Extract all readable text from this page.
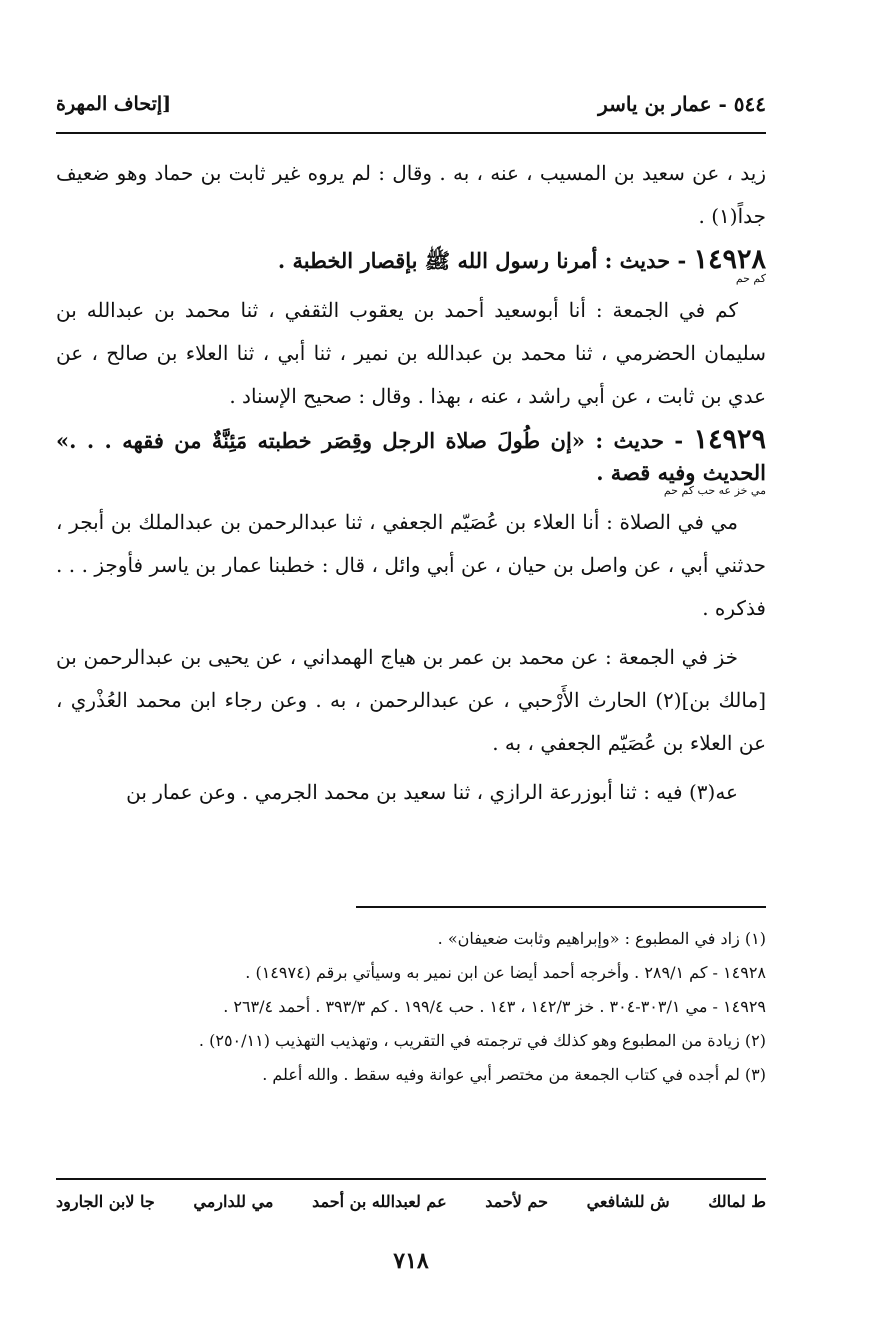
٥٤٤ - عمار بن ياسر
[إتحاف المهرة

زيد ، عن سعيد بن المسيب ، عنه ، به . وقال : لم يروه غير ثابت بن حماد وهو ضعيف جداً(١) .

١٤٩٢٨ - حديث : أمرنا رسول الله ﷺ بإقصار الخطبة .
كم حم

كم في الجمعة : أنا أبوسعيد أحمد بن يعقوب الثقفي ، ثنا محمد بن عبدالله بن سليمان الحضرمي ، ثنا محمد بن عبدالله بن نمير ، ثنا أبي ، ثنا العلاء بن صالح ، عن عدي بن ثابت ، عن أبي راشد ، عنه ، بهذا . وقال : صحيح الإسناد .

١٤٩٢٩ - حديث : «إن طُولَ صلاة الرجل وقِصَر خطبته مَئِنَّةٌ من فقهه . . .» الحديث وفيه قصة .
مي خز عه حب كم حم

مي في الصلاة : أنا العلاء بن عُصَيّم الجعفي ، ثنا عبدالرحمن بن عبدالملك بن أبجر ، حدثني أبي ، عن واصل بن حيان ، عن أبي وائل ، قال : خطبنا عمار بن ياسر فأوجز . . . فذكره .

خز في الجمعة : عن محمد بن عمر بن هياج الهمداني ، عن يحيى بن عبدالرحمن بن [مالك بن](٢) الحارث الأَرْحبي ، عن عبدالرحمن ، به . وعن رجاء ابن محمد العُذْري ، عن العلاء بن عُصَيّم الجعفي ، به .

عه(٣) فيه : ثنا أبوزرعة الرازي ، ثنا سعيد بن محمد الجرمي . وعن عمار بن

(١) زاد في المطبوع : «وإبراهيم وثابت ضعيفان» .

١٤٩٢٨ - كم ٢٨٩/١ . وأخرجه أحمد أيضا عن ابن نمير به وسيأتي برقم (١٤٩٧٤) .

١٤٩٢٩ - مي ٣٠٣/١-٣٠٤ . خز ١٤٢/٣ ، ١٤٣ . حب ١٩٩/٤ . كم ٣٩٣/٣ . أحمد ٢٦٣/٤ .

(٢) زيادة من المطبوع وهو كذلك في ترجمته في التقريب ، وتهذيب التهذيب (٢٥٠/١١) .

(٣) لم أجده في كتاب الجمعة من مختصر أبي عوانة وفيه سقط . والله أعلم .

ط لمالك
ش للشافعي
حم لأحمد
عم لعبدالله بن أحمد
مي للدارمي
جا لابن الجارود
٧١٨
